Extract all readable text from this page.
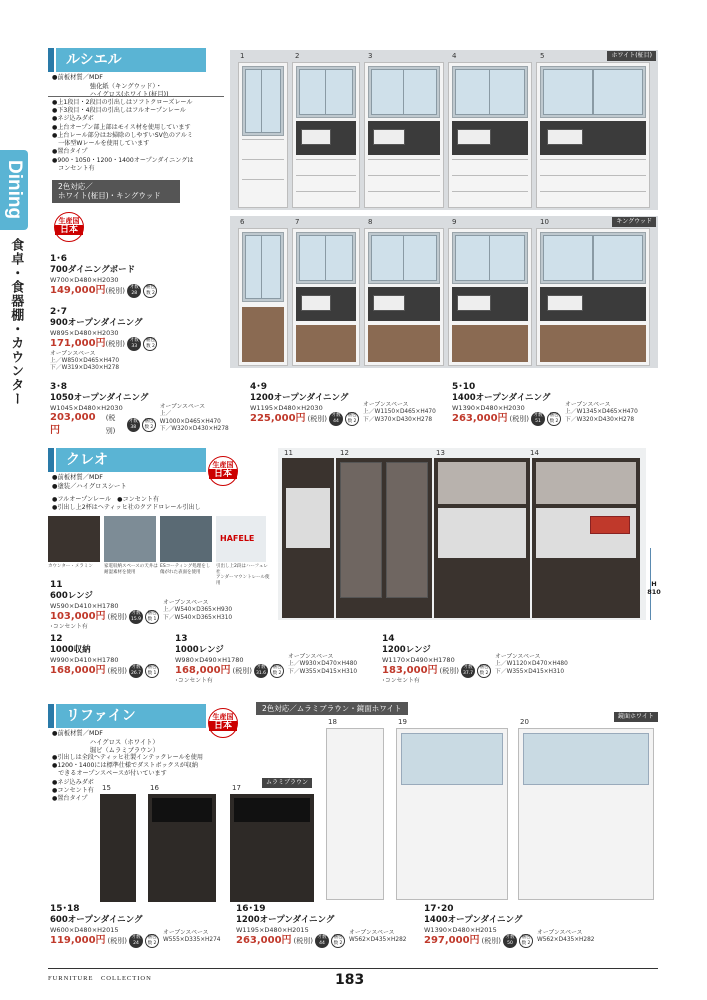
Dining
食卓・食器棚・カウンター
ルシエル
●前板材質／MDF
　　　　　　強化紙（キングウッド）・
　　　　　　ハイグロス(ホワイト(柾目))
●上1段目・2段目の引出しはソフトクローズレール
●下3段目・4段目の引出しはフルオープンレール
●ネジ込みダボ
●上台オープン部上部はモイス材を使用しています
●上台レール部分はお掃除のしやすいSV色のアルミ
　一体型Wレールを使用しています
●置台タイプ
●900・1050・1200・1400オープンダイニングは
　コンセント有
2色対応／
ホワイト(柾目)・キングウッド
生産国
日本
ホワイト(柾目)
1	2	3	4	5
キングウッド
6	7	8	9	10
1･6
700ダイニングボード
W700×D480×H2030
149,000円(税別) 才数 28 梱包数 2
2･7
900オープンダイニング
W895×D480×H2030
171,000円(税別) 才数 33 梱包数 2
オープンスペース
上／W850×D465×H470
下／W319×D430×H278
3･8
1050オープンダイニング
W1045×D480×H2030
203,000円
(税別)
才数 38
梱包数 2
オープンスペース
上／W1000×D465×H470
下／W320×D430×H278
4･9
1200オープンダイニング
W1195×D480×H2030
225,000円 (税別)	才数 44
梱包数 2
オープンスペース
上／W1150×D465×H470
下／W370×D430×H278
5･10
1400オープンダイニング
W1390×D480×H2030
263,000円 (税別)	才数 51
梱包数 2
オープンスペース
上／W1345×D465×H470
下／W320×D430×H278
クレオ	生産国
日本
●前板材質／MDF
●塗装／ハイグロスシート
●フルオープンレール　●コンセント有
●引出し上2杯はヘティッヒ社のクアドロレール引出し
HAFELE
カウンター・メラミン	家電収納スペースの天井は
耐湿素材を使用
ESコーティング処理をし
傷がれた表面を使用
引出し上2段はハーフェレ社
アンダーマウントレール使用
11	12	13	14
H
810
11
600レンジ
W590×D410×H1780
103,000円 (税別)	才数 15.9
梱包数 1
オープンスペース
上／W540×D365×H930
下／W540×D365×H310
･コンセント有
12
1000収納
W990×D410×H1780
168,000円 (税別)	才数 26.7
梱包数 1
13
1000レンジ
W980×D490×H1780
168,000円 (税別)	才数 31.6
梱包数 2
オープンスペース
上／W930×D470×H480
下／W355×D415×H310
･コンセント有
14
1200レンジ
W1170×D490×H1780
183,000円 (税別)	才数 37.7
梱包数 2
オープンスペース
上／W1120×D470×H480
下／W355×D415×H310
･コンセント有
リファイン	生産国
日本
2色対応／ムラミブラウン・鏡面ホワイト
●前板材質／MDF
　　　　　　ハイグロス（ホワイト）
　　　　　　堀ビ（ムラミブラウン）
●引出しは全段ヘティッヒ社製インテックレールを使用
●1200・1400には標準仕様でダストボックスが収納
　できるオープンスペースが付いています
●ネジ込みダボ
●コンセント有
●置台タイプ
ムラミブラウン
鏡面ホワイト
15	16	17
18	19	20
15･18
600オープンダイニング
W600×D480×H2015
119,000円 (税別)	才数 24
梱包数 2
オープンスペース
W555×D335×H274
16･19
1200オープンダイニング
W1195×D480×H2015
263,000円 (税別)	才数 44
梱包数 2
オープンスペース
W562×D435×H282
17･20
1400オープンダイニング
W1390×D480×H2015
297,000円 (税別)	才数 50
梱包数 2
オープンスペース
W562×D435×H282
FURNITURE　COLLECTION	183
